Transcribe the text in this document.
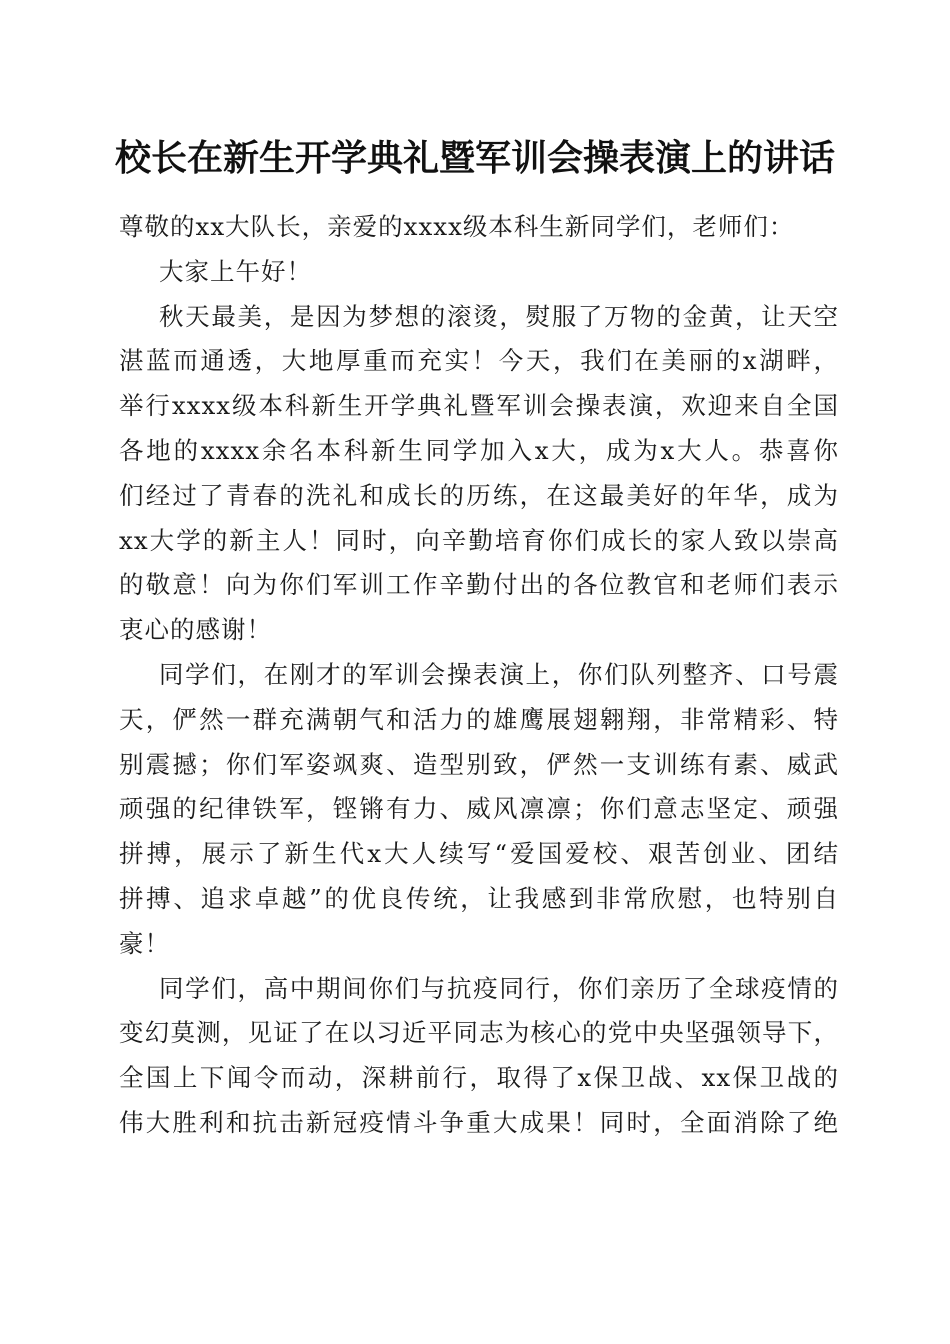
校长在新生开学典礼暨军训会操表演上的讲话
尊敬的xx大队长，亲爱的xxxx级本科生新同学们，老师们：
大家上午好！
秋天最美，是因为梦想的滚烫，熨服了万物的金黄，让天空
湛蓝而通透，大地厚重而充实！今天，我们在美丽的x湖畔，
举行xxxx级本科新生开学典礼暨军训会操表演，欢迎来自全国
各地的xxxx余名本科新生同学加入x大，成为x大人。恭喜你
们经过了青春的洗礼和成长的历练，在这最美好的年华，成为
xx大学的新主人！同时，向辛勤培育你们成长的家人致以崇高
的敬意！向为你们军训工作辛勤付出的各位教官和老师们表示
衷心的感谢！
同学们，在刚才的军训会操表演上，你们队列整齐、口号震
天，俨然一群充满朝气和活力的雄鹰展翅翱翔，非常精彩、特
别震撼；你们军姿飒爽、造型别致，俨然一支训练有素、威武
顽强的纪律铁军，铿锵有力、威风凛凛；你们意志坚定、顽强
拼搏，展示了新生代x大人续写“爱国爱校、艰苦创业、团结
拼搏、追求卓越”的优良传统，让我感到非常欣慰，也特别自
豪！
同学们，高中期间你们与抗疫同行，你们亲历了全球疫情的
变幻莫测，见证了在以习近平同志为核心的党中央坚强领导下，
全国上下闻令而动，深耕前行，取得了x保卫战、xx保卫战的
伟大胜利和抗击新冠疫情斗争重大成果！同时，全面消除了绝
